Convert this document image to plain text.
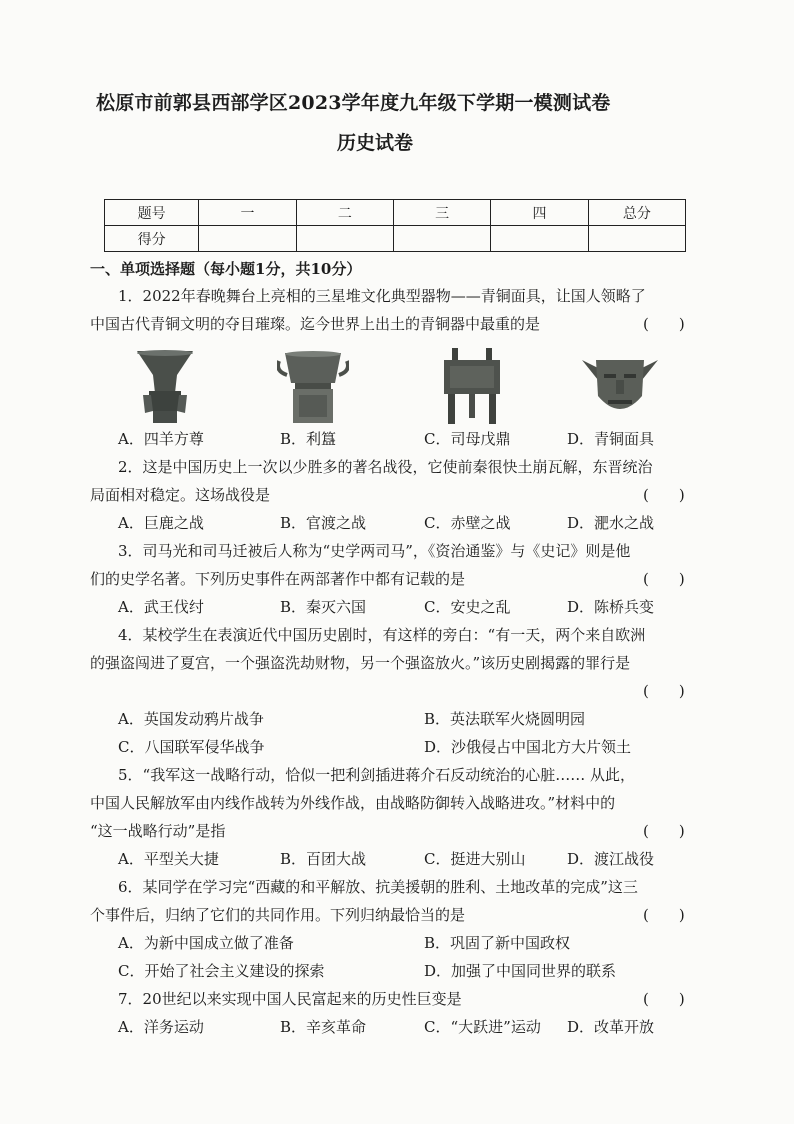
松原市前郭县西部学区2023学年度九年级下学期一模测试卷
历史试卷
题号	一	二	三	四	总分
得分					
一、单项选择题（每小题1分，共10分）
1．2022年春晚舞台上亮相的三星堆文化典型器物——青铜面具，让国人领略了
中国古代青铜文明的夺目璀璨。迄今世界上出土的青铜器中最重的是	(　　)
A．四羊方尊	B．利簋	C．司母戊鼎	D．青铜面具
2．这是中国历史上一次以少胜多的著名战役，它使前秦很快土崩瓦解，东晋统治
局面相对稳定。这场战役是	(　　)
A．巨鹿之战	B．官渡之战	C．赤壁之战	D．淝水之战
3．司马光和司马迁被后人称为“史学两司马”，《资治通鉴》与《史记》则是他
们的史学名著。下列历史事件在两部著作中都有记载的是	(　　)
A．武王伐纣	B．秦灭六国	C．安史之乱	D．陈桥兵变
4．某校学生在表演近代中国历史剧时，有这样的旁白：“有一天，两个来自欧洲
的强盗闯进了夏宫，一个强盗洗劫财物，另一个强盗放火。”该历史剧揭露的罪行是
(　　)
A．英国发动鸦片战争	B．英法联军火烧圆明园
C．八国联军侵华战争	D．沙俄侵占中国北方大片领土
5．“我军这一战略行动，恰似一把利剑插进蒋介石反动统治的心脏…… 从此，
中国人民解放军由内线作战转为外线作战，由战略防御转入战略进攻。”材料中的
“这一战略行动”是指	(　　)
A．平型关大捷	B．百团大战	C．挺进大别山	D．渡江战役
6．某同学在学习完“西藏的和平解放、抗美援朝的胜利、土地改革的完成”这三
个事件后，归纳了它们的共同作用。下列归纳最恰当的是	(　　)
A．为新中国成立做了准备	B．巩固了新中国政权
C．开始了社会主义建设的探索	D．加强了中国同世界的联系
7．20世纪以来实现中国人民富起来的历史性巨变是	(　　)
A．洋务运动	B．辛亥革命	C．“大跃进”运动 D．改革开放
